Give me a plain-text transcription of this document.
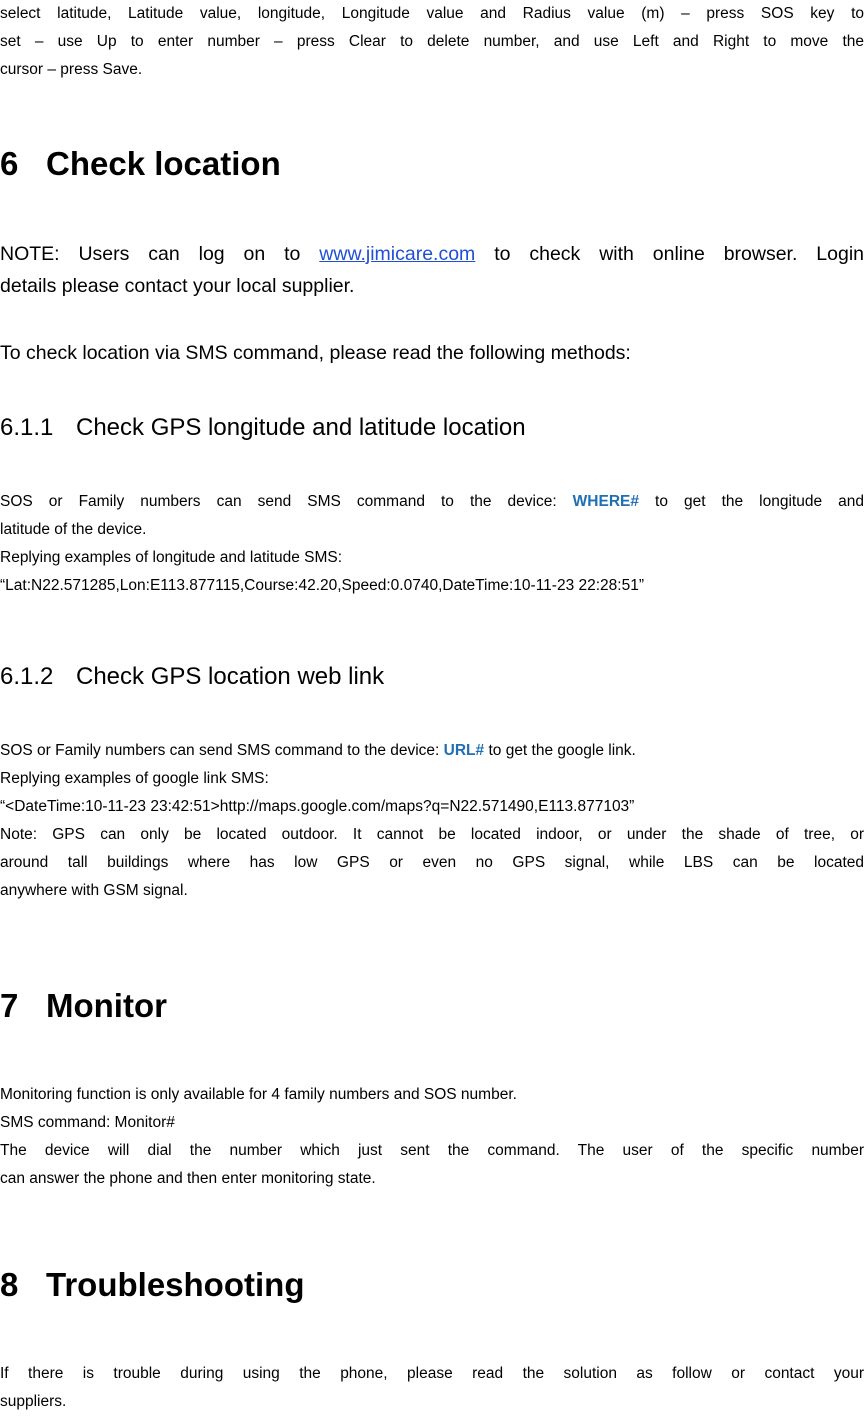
select latitude, Latitude value, longitude, Longitude value and Radius value (m) – press SOS key to
set – use Up to enter number – press Clear to delete number, and use Left and Right to move the
cursor – press Save.
6 Check location
NOTE: Users can log on to www.jimicare.com to check with online browser. Login
details please contact your local supplier.
To check location via SMS command, please read the following methods:
6.1.1 Check GPS longitude and latitude location
SOS or Family numbers can send SMS command to the device: WHERE# to get the longitude and
latitude of the device.
Replying examples of longitude and latitude SMS:
“Lat:N22.571285,Lon:E113.877115,Course:42.20,Speed:0.0740,DateTime:10-11-23 22:28:51”
6.1.2 Check GPS location web link
SOS or Family numbers can send SMS command to the device: URL# to get the google link.
Replying examples of google link SMS:
“<DateTime:10-11-23 23:42:51>http://maps.google.com/maps?q=N22.571490,E113.877103”
Note: GPS can only be located outdoor. It cannot be located indoor, or under the shade of tree, or
around tall buildings where has low GPS or even no GPS signal, while LBS can be located
anywhere with GSM signal.
7 Monitor
Monitoring function is only available for 4 family numbers and SOS number.
SMS command: Monitor#
The device will dial the number which just sent the command. The user of the specific number
can answer the phone and then enter monitoring state.
8 Troubleshooting
If there is trouble during using the phone, please read the solution as follow or contact your
suppliers.
